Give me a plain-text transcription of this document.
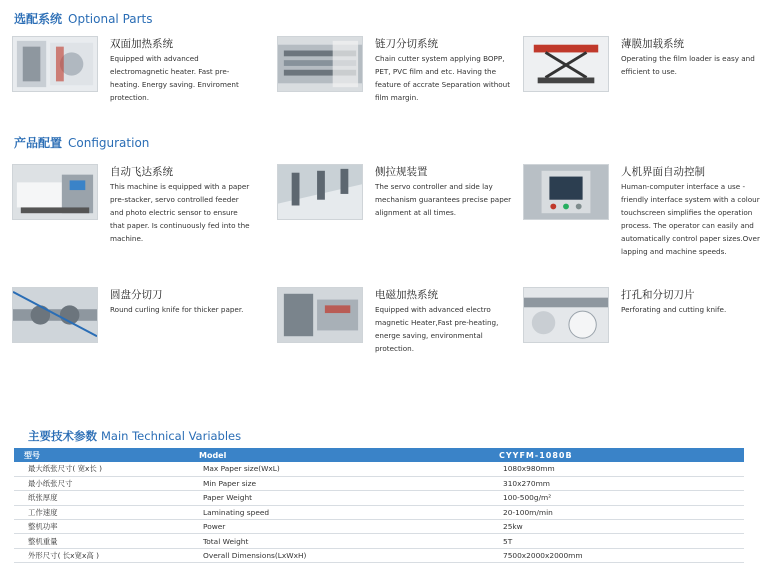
选配系统 Optional Parts
双面加热系统
Equipped with advanced electromagnetic heater. Fast pre-heating. Energy saving. Enviroment protection.
链刀分切系统
Chain cutter system applying BOPP, PET, PVC film and etc. Having the feature of accrate Separation without film margin.
薄膜加载系统
Operating the film loader is easy and efficient to use.
产品配置 Configuration
自动飞达系统
This machine is equipped with a paper pre-stacker, servo controlled feeder and photo electric sensor to ensure that paper. Is continuously fed into the machine.
侧拉规装置
The servo controller and side lay mechanism guarantees precise paper alignment at all times.
人机界面自动控制
Human-computer interface a use -friendly interface system with a colour touchscreen simplifies the operation process. The operator can easily and automatically control paper sizes.Over lapping and machine speeds.
圆盘分切刀
Round curling knife for thicker paper.
电磁加热系统
Equipped with advanced electro magnetic Heater,Fast pre-heating, energe saving, environmental protection.
打孔和分切刀片
Perforating and cutting knife.
主要技术参数 Main Technical Variables
型号	Model	CYYFM-1080B
最大纸张尺寸( 宽x长 )	Max Paper size(WxL)	1080x980mm
最小纸张尺寸	Min Paper size	310x270mm
纸张厚度	Paper Weight	100-500g/m²
工作速度	Laminating speed	20-100m/min
整机功率	Power	25kw
整机重量	Total Weight	5T
外形尺寸( 长x宽x高 )	Overall Dimensions(LxWxH)	7500x2000x2000mm
